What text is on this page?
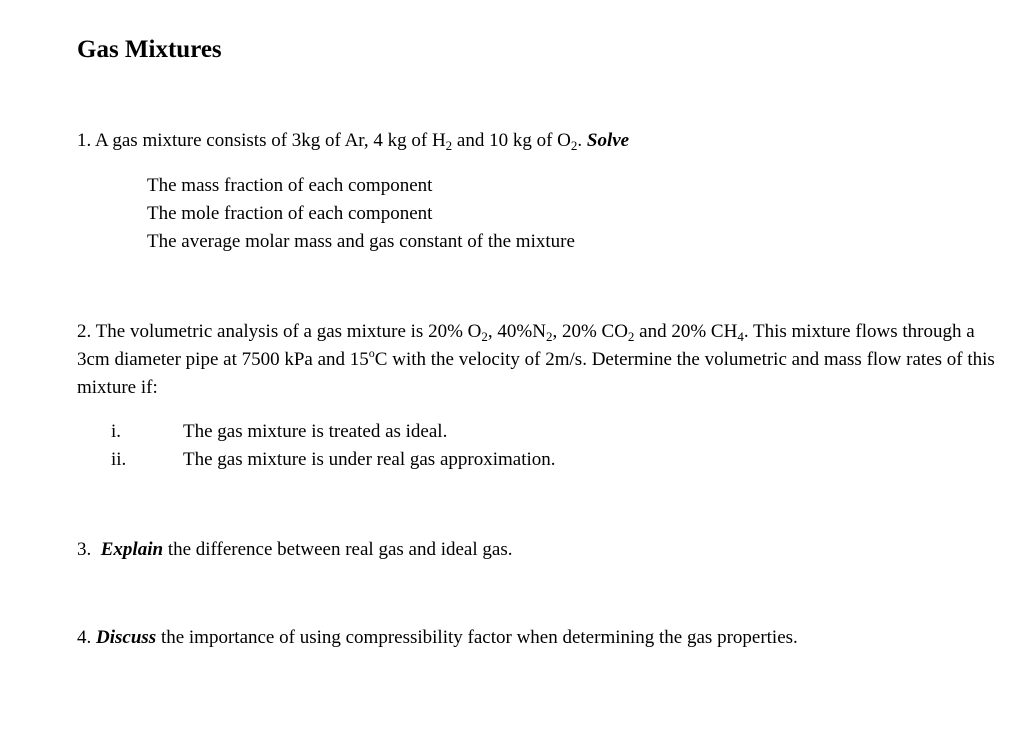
Gas Mixtures

1. A gas mixture consists of 3kg of Ar, 4 kg of $H_2$ and 10 kg of $O_2$. Solve

The mass fraction of each component
The mole fraction of each component
The average molar mass and gas constant of the mixture

2. The volumetric analysis of a gas mixture is 20% $O_2$, $40\%N_2$, 20% $CO_2$ and 20% $CH_4$. This mixture flows through a 3cm diameter pipe at 7500 kPa and 15$^o$C with the velocity of 2m/s. Determine the volumetric and mass flow rates of this mixture if:

i.	The gas mixture is treated as ideal.
ii.	The gas mixture is under real gas approximation.

3.  Explain the difference between real gas and ideal gas.

4. Discuss the importance of using compressibility factor when determining the gas properties.
